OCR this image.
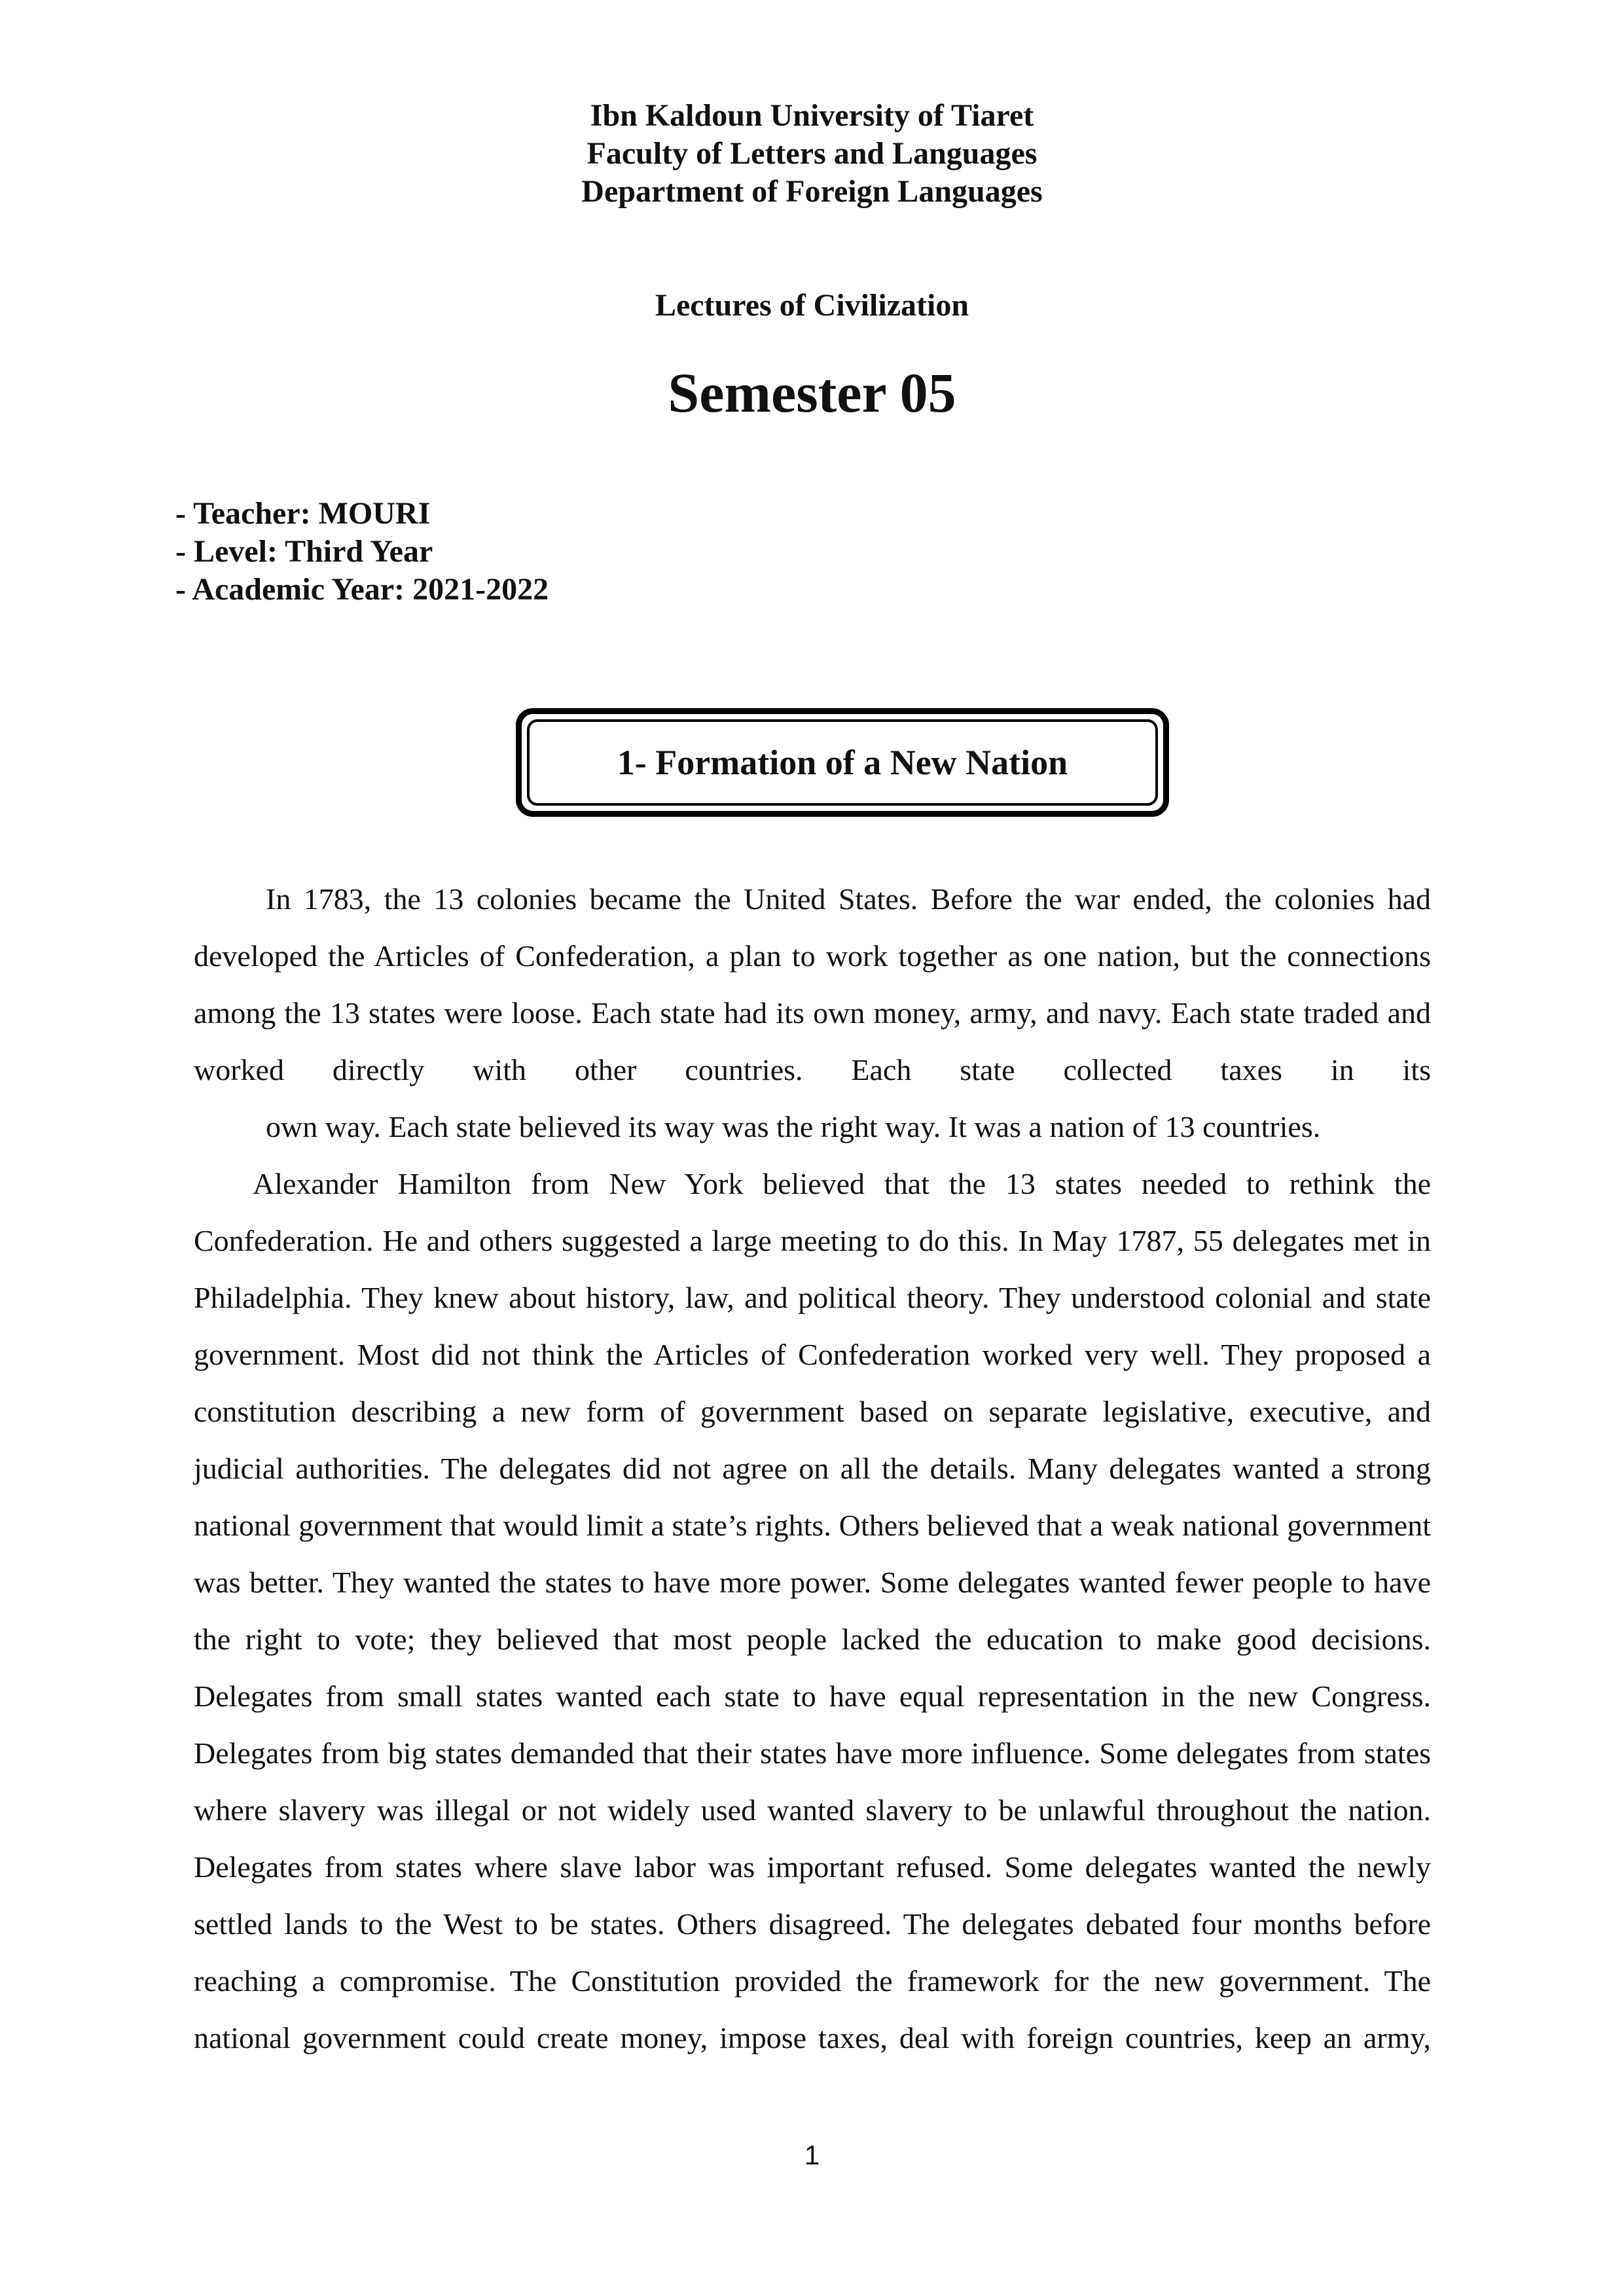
Ibn Kaldoun University of Tiaret
Faculty of Letters and Languages
Department of Foreign Languages
Lectures of Civilization
Semester 05
- Teacher: MOURI
- Level: Third Year
- Academic Year: 2021-2022
1- Formation of a New Nation

In 1783, the 13 colonies became the United States. Before the war ended, the colonies had developed the Articles of Confederation, a plan to work together as one nation, but the connections among the 13 states were loose. Each state had its own money, army, and navy. Each state traded and worked directly with other countries. Each state collected taxes in its
own way. Each state believed its way was the right way. It was a nation of 13 countries.

Alexander Hamilton from New York believed that the 13 states needed to rethink the Confederation. He and others suggested a large meeting to do this. In May 1787, 55 delegates met in Philadelphia. They knew about history, law, and political theory. They understood colonial and state government. Most did not think the Articles of Confederation worked very well. They proposed a constitution describing a new form of government based on separate legislative, executive, and judicial authorities. The delegates did not agree on all the details. Many delegates wanted a strong national government that would limit a state’s rights. Others believed that a weak national government was better. They wanted the states to have more power. Some delegates wanted fewer people to have the right to vote; they believed that most people lacked the education to make good decisions. Delegates from small states wanted each state to have equal representation in the new Congress. Delegates from big states demanded that their states have more influence. Some delegates from states where slavery was illegal or not widely used wanted slavery to be unlawful throughout the nation. Delegates from states where slave labor was important refused. Some delegates wanted the newly settled lands to the West to be states. Others disagreed. The delegates debated four months before reaching a compromise. The Constitution provided the framework for the new government. The national government could create money, impose taxes, deal with foreign countries, keep an army,

1
